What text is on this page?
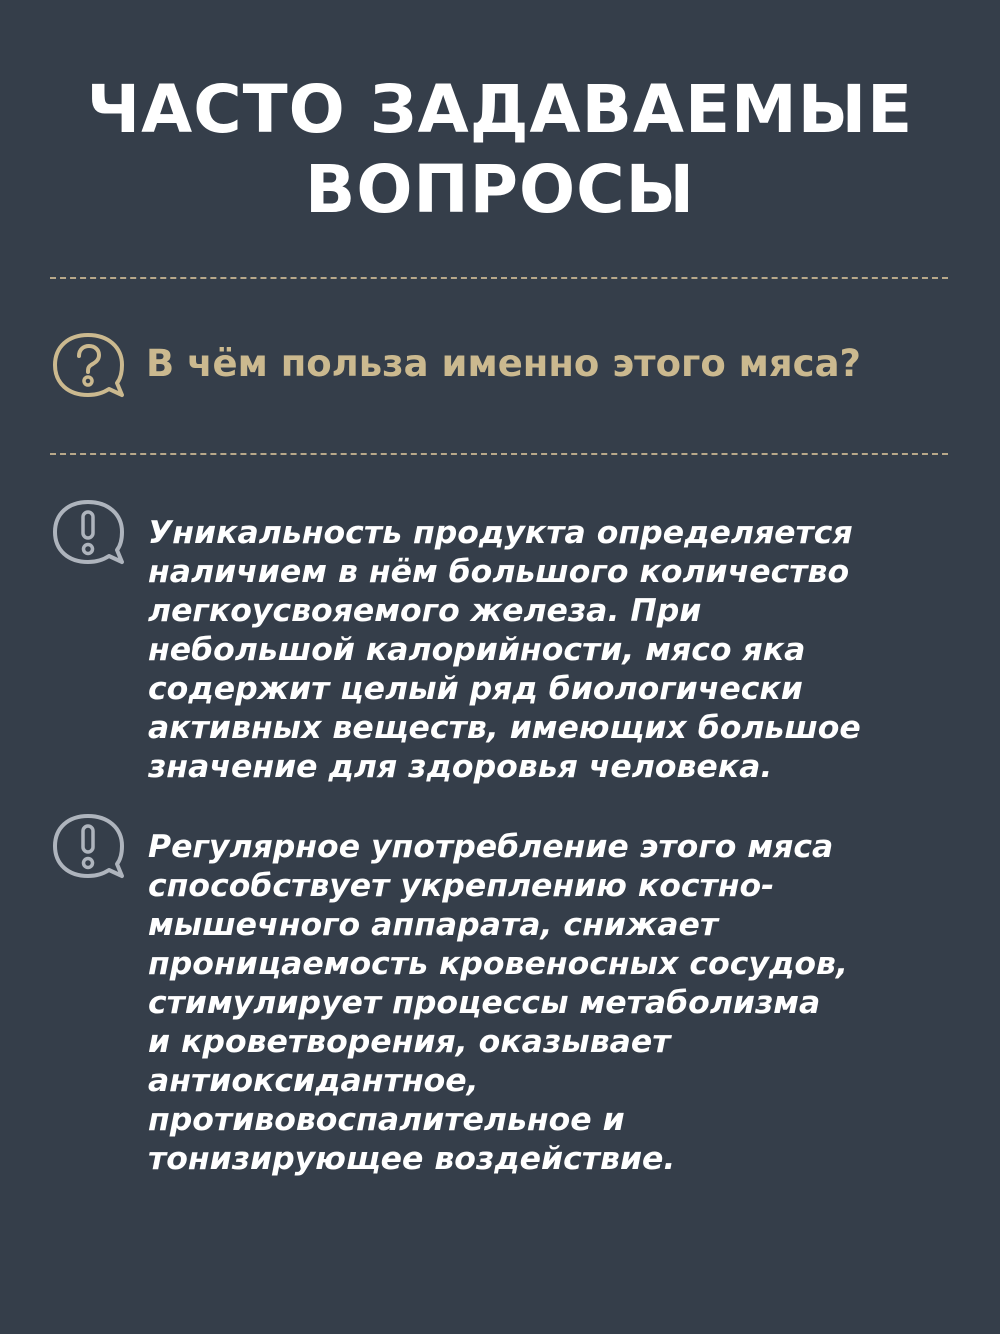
ЧАСТО ЗАДАВАЕМЫЕ
ВОПРОСЫ
В чём польза именно этого мяса?
Уникальность продукта определяется
наличием в нём большого количество
легкоусвояемого железа. При
небольшой калорийности, мясо яка
содержит целый ряд биологически
активных веществ, имеющих большое
значение для здоровья человека.
Регулярное употребление этого мяса
способствует укреплению костно-
мышечного аппарата, снижает
проницаемость кровеносных сосудов,
стимулирует процессы метаболизма
и кроветворения, оказывает
антиоксидантное,
противовоспалительное и
тонизирующее воздействие.
